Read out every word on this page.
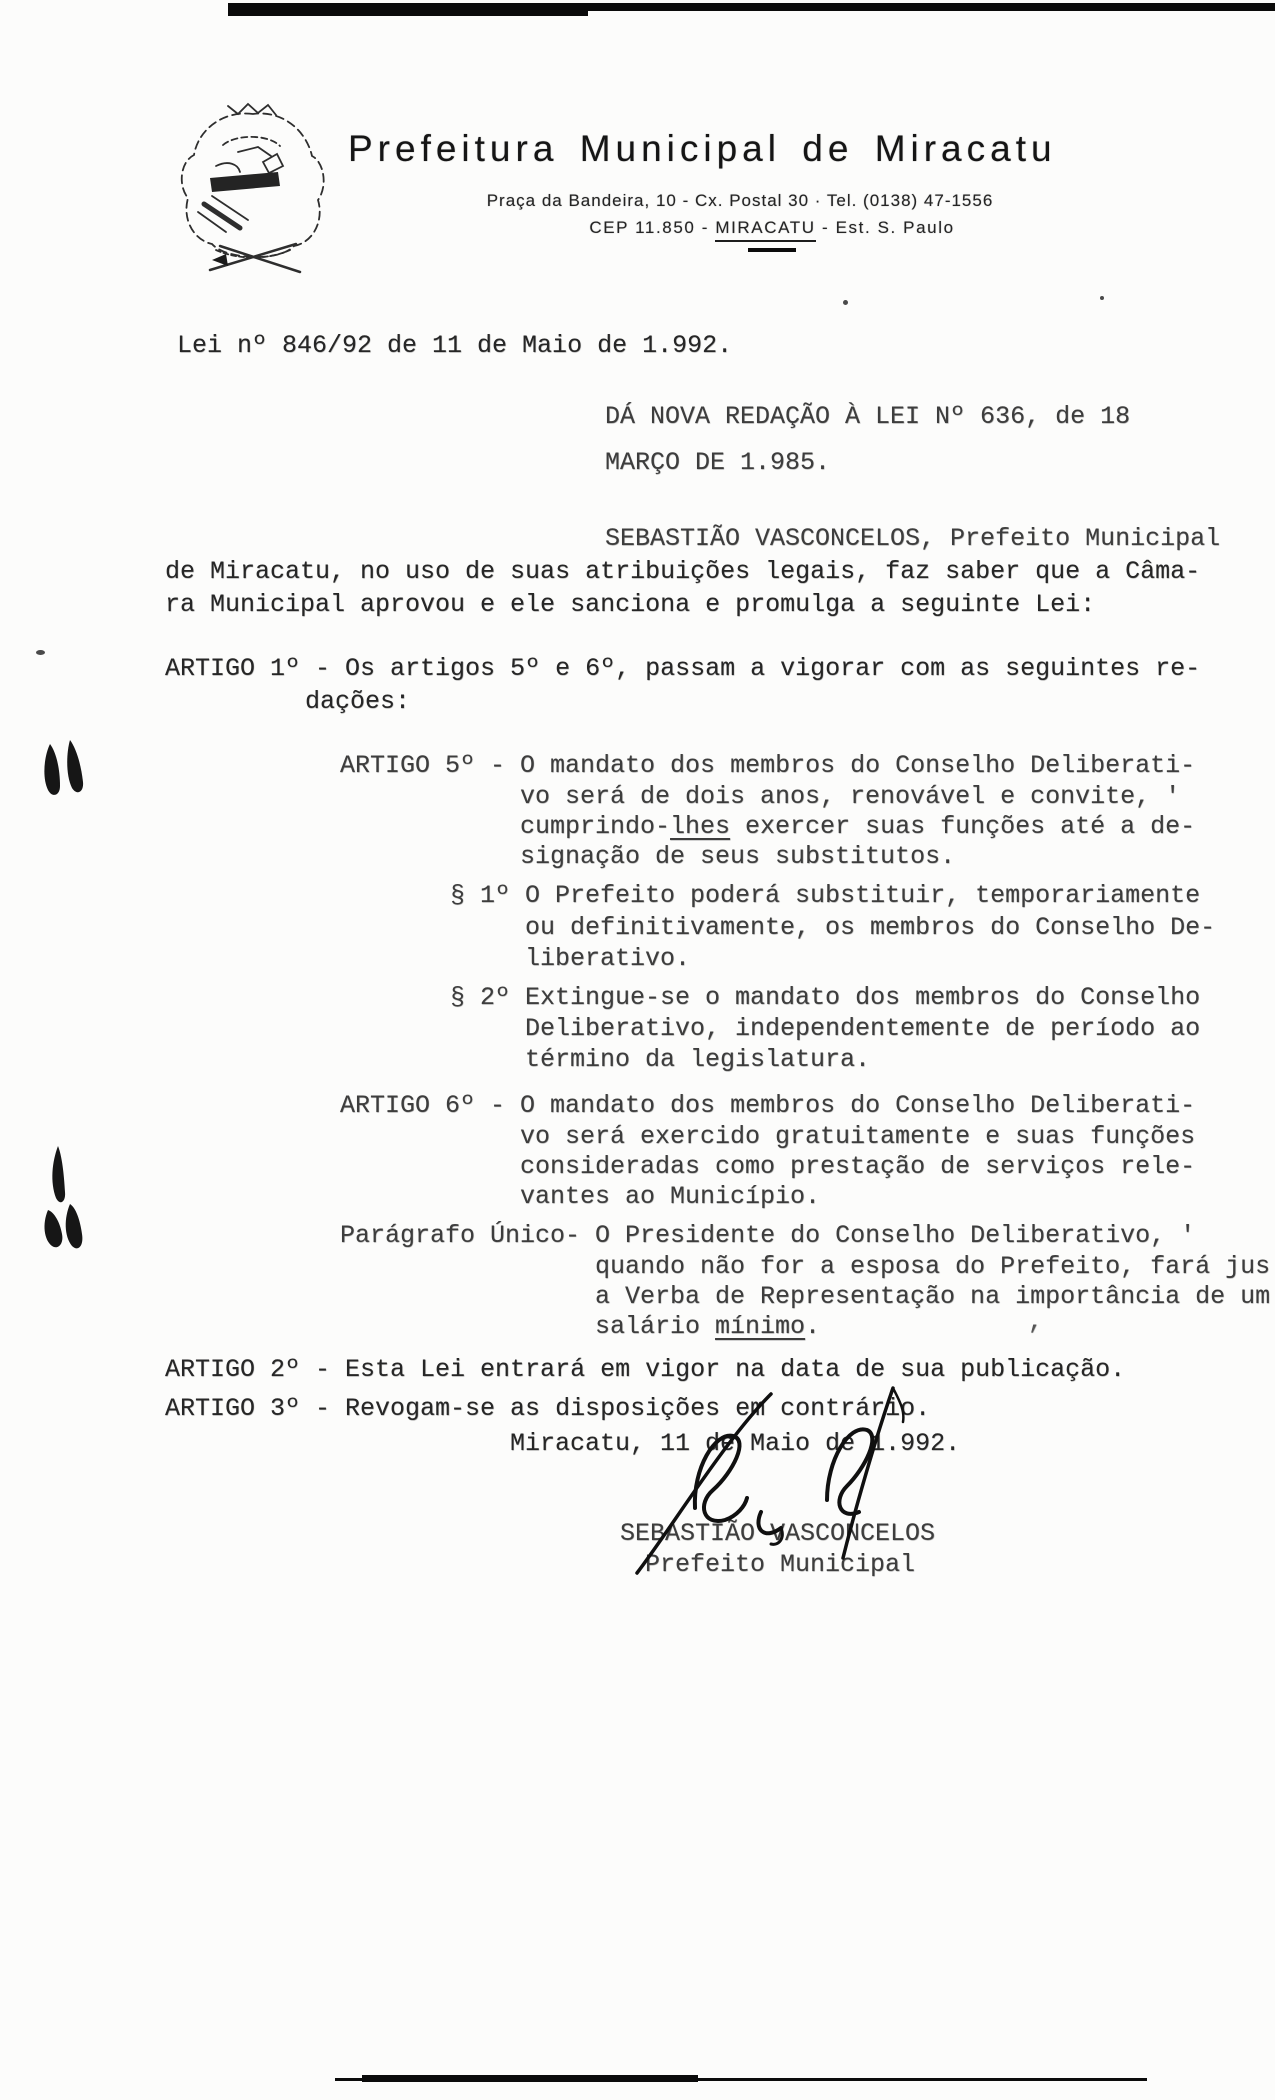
Prefeitura Municipal de Miracatu
Praça da Bandeira, 10 - Cx. Postal 30 · Tel. (0138) 47-1556
CEP 11.850 - MIRACATU - Est. S. Paulo
Lei nº 846/92 de 11 de Maio de 1.992.
DÁ NOVA REDAÇÃO À LEI Nº 636, de 18
MARÇO DE 1.985.
SEBASTIÃO VASCONCELOS, Prefeito Municipal
de Miracatu, no uso de suas atribuições legais, faz saber que a Câma-
ra Municipal aprovou e ele sanciona e promulga a seguinte Lei:
ARTIGO 1º - Os artigos 5º e 6º, passam a vigorar com as seguintes re-
dações:
ARTIGO 5º - O mandato dos membros do Conselho Deliberati-
vo será de dois anos, renovável e convite, '
cumprindo-lhes exercer suas funções até a de-
signação de seus substitutos.
§ 1º O Prefeito poderá substituir, temporariamente
ou definitivamente, os membros do Conselho De-
liberativo.
§ 2º Extingue-se o mandato dos membros do Conselho
Deliberativo, independentemente de período ao
término da legislatura.
ARTIGO 6º - O mandato dos membros do Conselho Deliberati-
vo será exercido gratuitamente e suas funções
consideradas como prestação de serviços rele-
vantes ao Município.
Parágrafo Único- O Presidente do Conselho Deliberativo, '
quando não for a esposa do Prefeito, fará jus
a Verba de Representação na importância de um
salário mínimo.	,
ARTIGO 2º - Esta Lei entrará em vigor na data de sua publicação.
ARTIGO 3º - Revogam-se as disposições em contrário.
Miracatu, 11 de Maio de 1.992.
SEBASTIÃO VASCONCELOS
Prefeito Municipal
